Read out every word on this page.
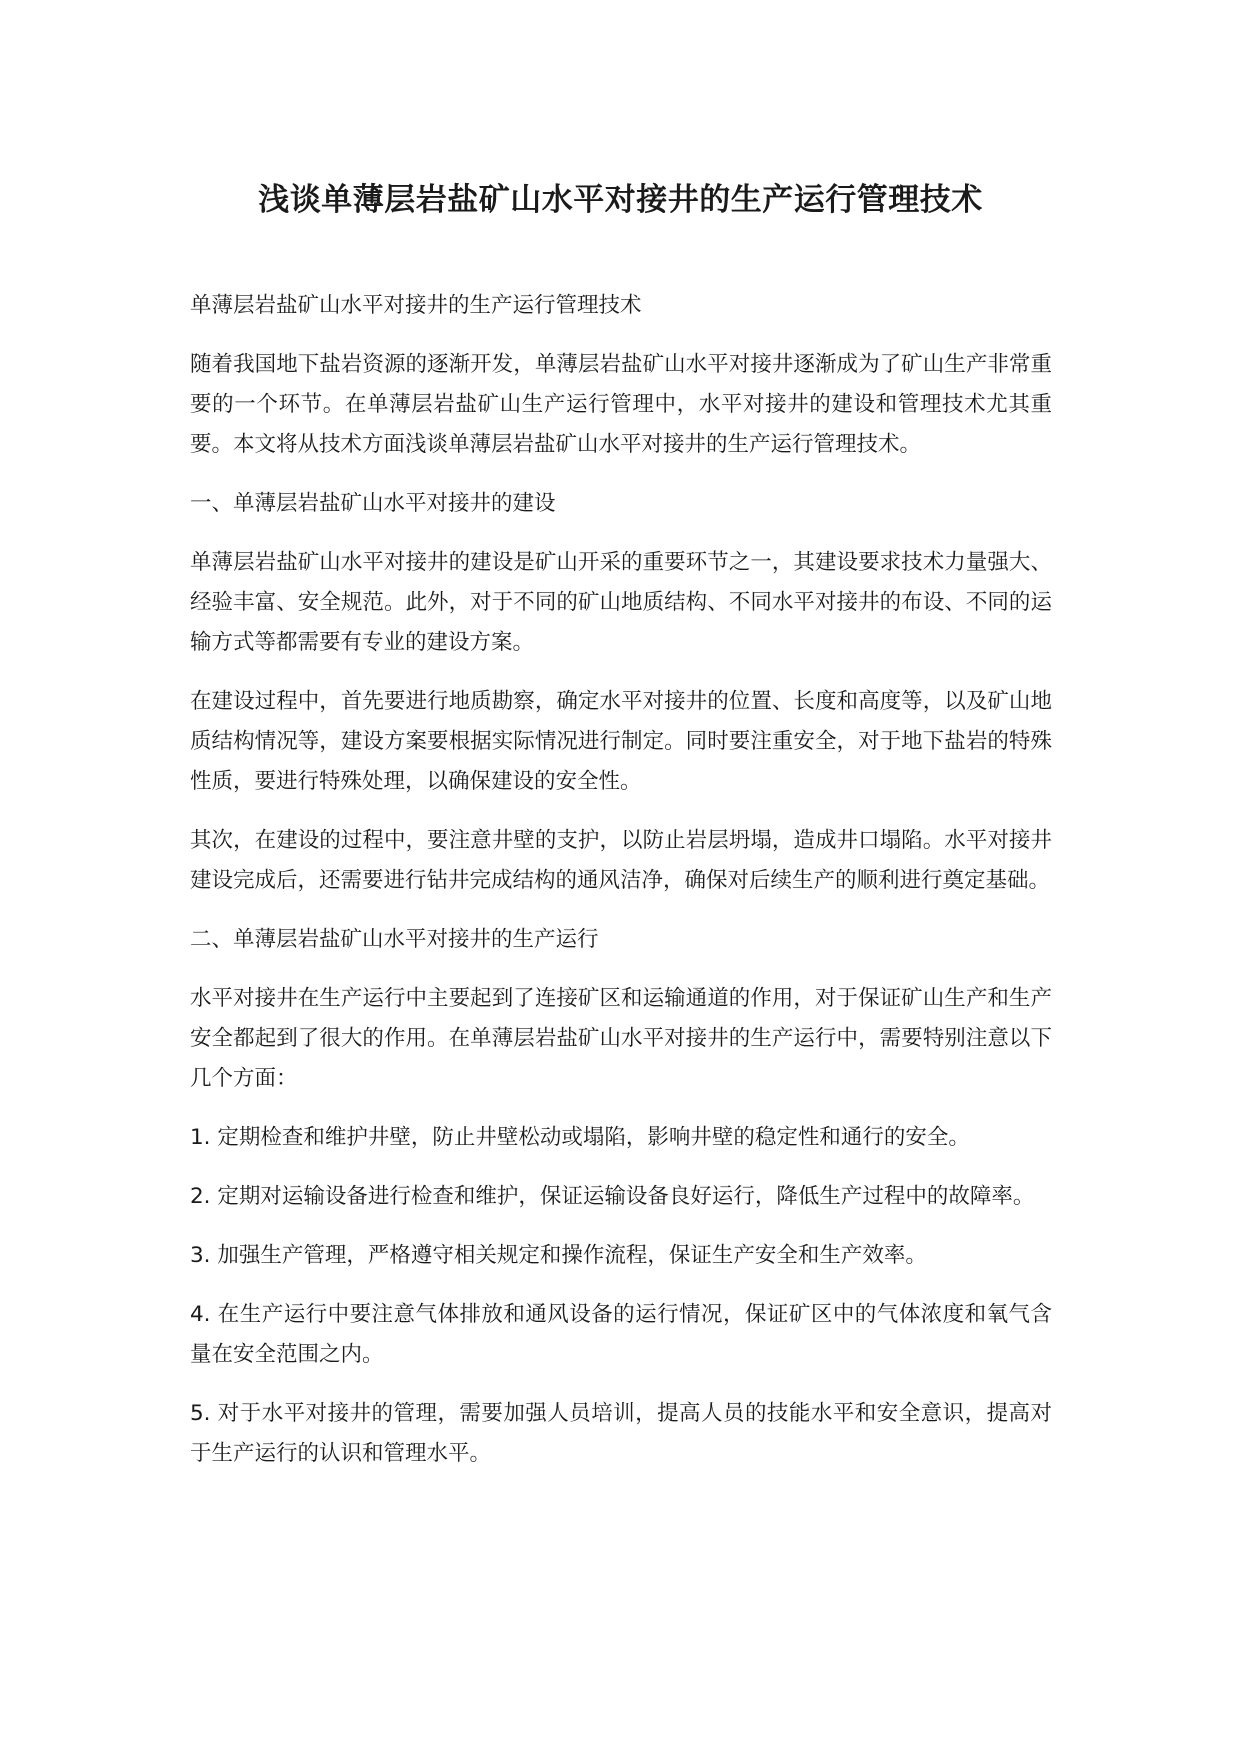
浅谈单薄层岩盐矿山水平对接井的生产运行管理技术

单薄层岩盐矿山水平对接井的生产运行管理技术

随着我国地下盐岩资源的逐渐开发，单薄层岩盐矿山水平对接井逐渐成为了矿山生产非常重要的一个环节。在单薄层岩盐矿山生产运行管理中，水平对接井的建设和管理技术尤其重要。本文将从技术方面浅谈单薄层岩盐矿山水平对接井的生产运行管理技术。

一、单薄层岩盐矿山水平对接井的建设

单薄层岩盐矿山水平对接井的建设是矿山开采的重要环节之一，其建设要求技术力量强大、经验丰富、安全规范。此外，对于不同的矿山地质结构、不同水平对接井的布设、不同的运输方式等都需要有专业的建设方案。

在建设过程中，首先要进行地质勘察，确定水平对接井的位置、长度和高度等，以及矿山地质结构情况等，建设方案要根据实际情况进行制定。同时要注重安全，对于地下盐岩的特殊性质，要进行特殊处理，以确保建设的安全性。

其次，在建设的过程中，要注意井壁的支护，以防止岩层坍塌，造成井口塌陷。水平对接井建设完成后，还需要进行钻井完成结构的通风洁净，确保对后续生产的顺利进行奠定基础。

二、单薄层岩盐矿山水平对接井的生产运行

水平对接井在生产运行中主要起到了连接矿区和运输通道的作用，对于保证矿山生产和生产安全都起到了很大的作用。在单薄层岩盐矿山水平对接井的生产运行中，需要特别注意以下几个方面：

1. 定期检查和维护井壁，防止井壁松动或塌陷，影响井壁的稳定性和通行的安全。

2. 定期对运输设备进行检查和维护，保证运输设备良好运行，降低生产过程中的故障率。

3. 加强生产管理，严格遵守相关规定和操作流程，保证生产安全和生产效率。

4. 在生产运行中要注意气体排放和通风设备的运行情况，保证矿区中的气体浓度和氧气含量在安全范围之内。

5. 对于水平对接井的管理，需要加强人员培训，提高人员的技能水平和安全意识，提高对于生产运行的认识和管理水平。
